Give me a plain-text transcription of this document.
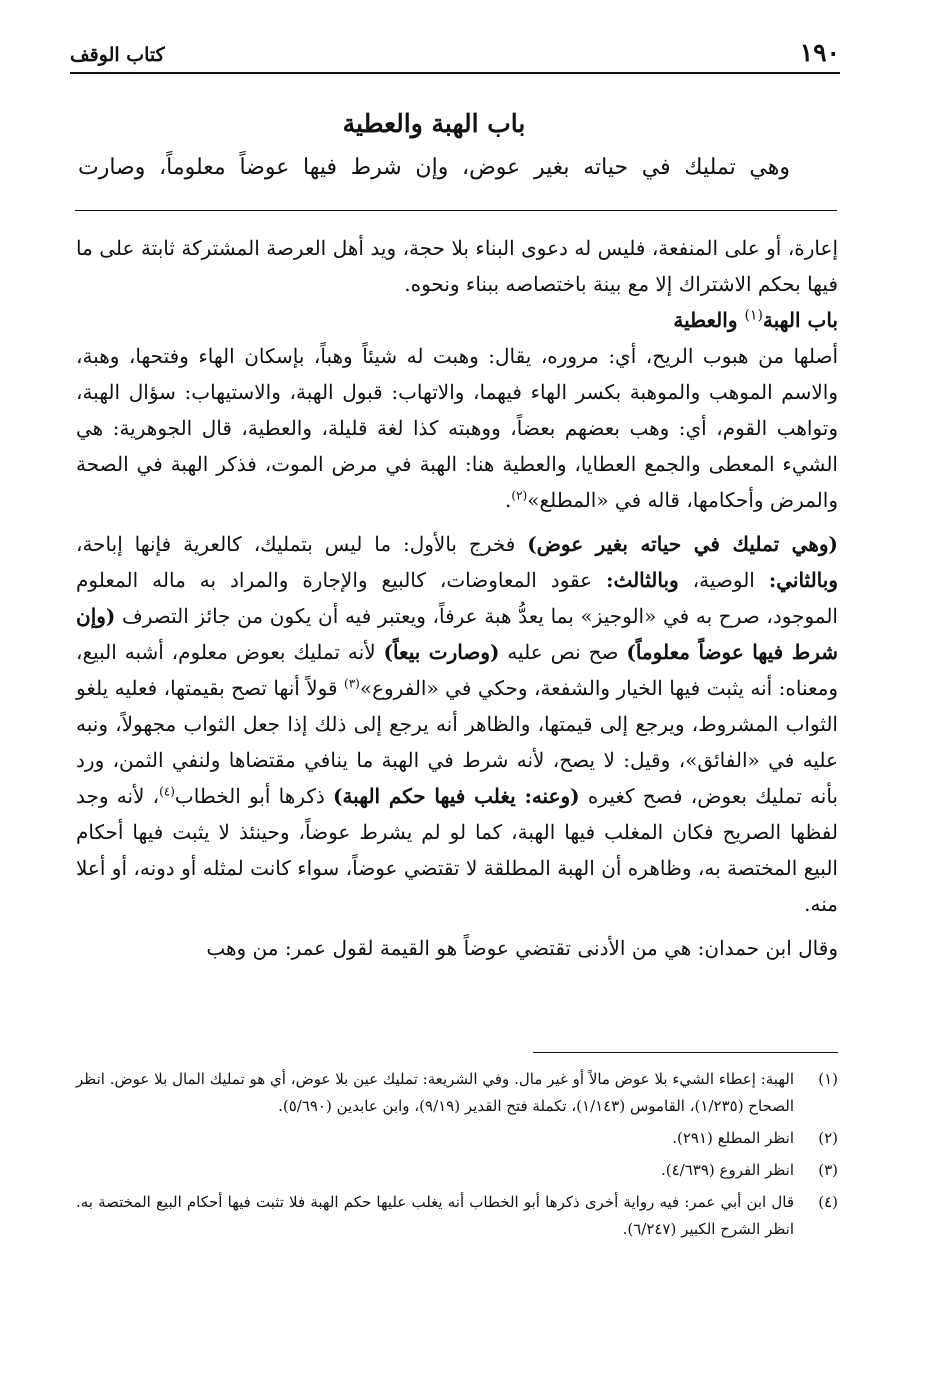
١٩٠
كتاب الوقف

باب الهبة والعطية

وهي تمليك في حياته بغير عوض، وإن شرط فيها عوضاً معلوماً، وصارت

إعارة، أو على المنفعة، فليس له دعوى البناء بلا حجة، ويد أهل العرصة المشتركة ثابتة على ما فيها بحكم الاشتراك إلا مع بينة باختصاصه ببناء ونحوه.

باب الهبة$^{(١)}$ والعطية

أصلها من هبوب الريح، أي: مروره، يقال: وهبت له شيئاً وهباً، بإسكان الهاء وفتحها، وهبة، والاسم الموهب والموهبة بكسر الهاء فيهما، والاتهاب: قبول الهبة، والاستيهاب: سؤال الهبة، وتواهب القوم، أي: وهب بعضهم بعضاً، ووهبته كذا لغة قليلة، والعطية، قال الجوهرية: هي الشيء المعطى والجمع العطايا، والعطية هنا: الهبة في مرض الموت، فذكر الهبة في الصحة والمرض وأحكامها، قاله في «المطلع»$^{(٢)}$.

(وهي تمليك في حياته بغير عوض) فخرج بالأول: ما ليس بتمليك، كالعرية فإنها إباحة، وبالثاني: الوصية، وبالثالث: عقود المعاوضات، كالبيع والإجارة والمراد به ماله المعلوم الموجود، صرح به في «الوجيز» بما يعدُّ هبة عرفاً، ويعتبر فيه أن يكون من جائز التصرف (وإن شرط فيها عوضاً معلوماً) صح نص عليه (وصارت بيعاً) لأنه تمليك بعوض معلوم، أشبه البيع، ومعناه: أنه يثبت فيها الخيار والشفعة، وحكي في «الفروع»$^{(٣)}$ قولاً أنها تصح بقيمتها، فعليه يلغو الثواب المشروط، ويرجع إلى قيمتها، والظاهر أنه يرجع إلى ذلك إذا جعل الثواب مجهولاً، ونبه عليه في «الفائق»، وقيل: لا يصح، لأنه شرط في الهبة ما ينافي مقتضاها ولنفي الثمن، ورد بأنه تمليك بعوض، فصح كغيره (وعنه: يغلب فيها حكم الهبة) ذكرها أبو الخطاب$^{(٤)}$، لأنه وجد لفظها الصريح فكان المغلب فيها الهبة، كما لو لم يشرط عوضاً، وحينئذ لا يثبت فيها أحكام البيع المختصة به، وظاهره أن الهبة المطلقة لا تقتضي عوضاً، سواء كانت لمثله أو دونه، أو أعلا منه.

وقال ابن حمدان: هي من الأدنى تقتضي عوضاً هو القيمة لقول عمر: من وهب

(١)
الهبة: إعطاء الشيء بلا عوض مالاً أو غير مال. وفي الشريعة: تمليك عين بلا عوض، أي هو تمليك المال بلا عوض. انظر الصحاح (١/٢٣٥)، القاموس (١/١٤٣)، تكملة فتح القدير (٩/١٩)، وابن عابدين (٥/٦٩٠).
(٢)
انظر المطلع (٢٩١).
(٣)
انظر الفروع (٤/٦٣٩).
(٤)
قال ابن أبي عمر: فيه رواية أخرى ذكرها أبو الخطاب أنه يغلب عليها حكم الهبة فلا تثبت فيها أحكام البيع المختصة به. انظر الشرح الكبير (٦/٢٤٧).
